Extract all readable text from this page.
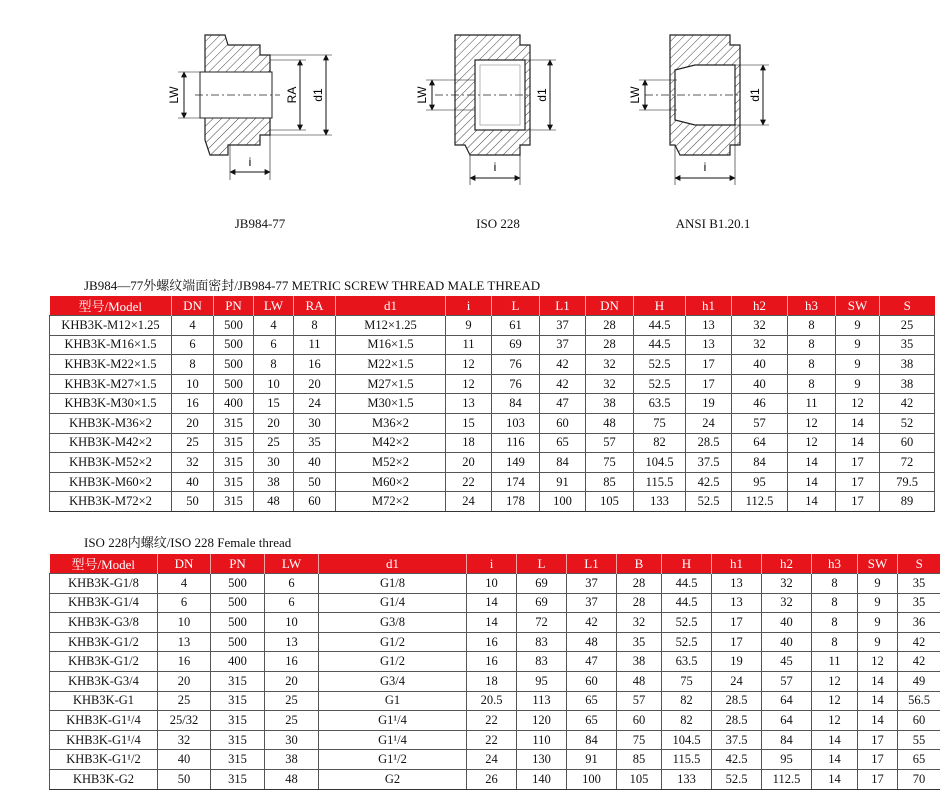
LW	RA d1
i
JB984-77
LW	d1
i
ISO 228
LW	d1
i
ANSI B1.20.1
JB984—77外螺纹端面密封/JB984-77 METRIC SCREW THREAD MALE THREAD
型号/Model	DN	PN	LW	RA	d1	i	L	L1	DN	H	h1	h2	h3	SW	S
KHB3K-M12×1.25	4	500	4	8	M12×1.25	9	61	37	28	44.5	13	32	8	9	25
KHB3K-M16×1.5	6	500	6	11	M16×1.5	11	69	37	28	44.5	13	32	8	9	35
KHB3K-M22×1.5	8	500	8	16	M22×1.5	12	76	42	32	52.5	17	40	8	9	38
KHB3K-M27×1.5	10	500	10	20	M27×1.5	12	76	42	32	52.5	17	40	8	9	38
KHB3K-M30×1.5	16	400	15	24	M30×1.5	13	84	47	38	63.5	19	46	11	12	42
KHB3K-M36×2	20	315	20	30	M36×2	15	103	60	48	75	24	57	12	14	52
KHB3K-M42×2	25	315	25	35	M42×2	18	116	65	57	82	28.5	64	12	14	60
KHB3K-M52×2	32	315	30	40	M52×2	20	149	84	75	104.5	37.5	84	14	17	72
KHB3K-M60×2	40	315	38	50	M60×2	22	174	91	85	115.5	42.5	95	14	17	79.5
KHB3K-M72×2	50	315	48	60	M72×2	24	178	100	105	133	52.5	112.5	14	17	89
ISO 228内螺纹/ISO 228 Female thread
型号/Model	DN	PN	LW	d1	i	L	L1	B	H	h1	h2	h3	SW	S
KHB3K-G1/8	4	500	6	G1/8	10	69	37	28	44.5	13	32	8	9	35
KHB3K-G1/4	6	500	6	G1/4	14	69	37	28	44.5	13	32	8	9	35
KHB3K-G3/8	10	500	10	G3/8	14	72	42	32	52.5	17	40	8	9	36
KHB3K-G1/2	13	500	13	G1/2	16	83	48	35	52.5	17	40	8	9	42
KHB3K-G1/2	16	400	16	G1/2	16	83	47	38	63.5	19	45	11	12	42
KHB3K-G3/4	20	315	20	G3/4	18	95	60	48	75	24	57	12	14	49
KHB3K-G1	25	315	25	G1	20.5	113	65	57	82	28.5	64	12	14	56.5
KHB3K-G1¹/4	25/32	315	25	G1¹/4	22	120	65	60	82	28.5	64	12	14	60
KHB3K-G1¹/4	32	315	30	G1¹/4	22	110	84	75	104.5	37.5	84	14	17	55
KHB3K-G1¹/2	40	315	38	G1¹/2	24	130	91	85	115.5	42.5	95	14	17	65
KHB3K-G2	50	315	48	G2	26	140	100	105	133	52.5	112.5	14	17	70
